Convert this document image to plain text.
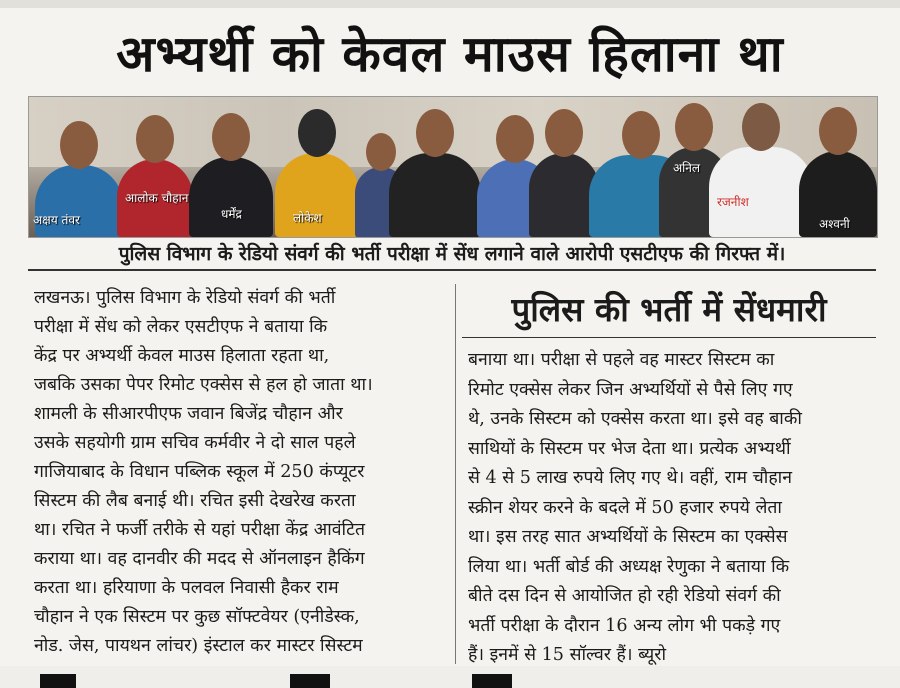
अभ्यर्थी को केवल माउस हिलाना था
अक्षय तंवर
आलोक चौहान
धर्मेंद्र	लोकेश
अनिल
रजनीश
अश्वनी
पुलिस विभाग के रेडियो संवर्ग की भर्ती परीक्षा में सेंध लगाने वाले आरोपी एसटीएफ की गिरफ्त में।

लखनऊ। पुलिस विभाग के रेडियो संवर्ग की भर्ती

परीक्षा में सेंध को लेकर एसटीएफ ने बताया कि

केंद्र पर अभ्यर्थी केवल माउस हिलाता रहता था,

जबकि उसका पेपर रिमोट एक्सेस से हल हो जाता था।

शामली के सीआरपीएफ जवान बिजेंद्र चौहान और

उसके सहयोगी ग्राम सचिव कर्मवीर ने दो साल पहले

गाजियाबाद के विधान पब्लिक स्कूल में 250 कंप्यूटर

सिस्टम की लैब बनाई थी। रचित इसी देखरेख करता

था। रचित ने फर्जी तरीके से यहां परीक्षा केंद्र आवंटित

कराया था। वह दानवीर की मदद से ऑनलाइन हैकिंग

करता था। हरियाणा के पलवल निवासी हैकर राम

चौहान ने एक सिस्टम पर कुछ सॉफ्टवेयर (एनीडेस्क,

नोड. जेस, पायथन लांचर) इंस्टाल कर मास्टर सिस्टम

पुलिस की भर्ती में सेंधमारी

बनाया था। परीक्षा से पहले वह मास्टर सिस्टम का

रिमोट एक्सेस लेकर जिन अभ्यर्थियों से पैसे लिए गए

थे, उनके सिस्टम को एक्सेस करता था। इसे वह बाकी

साथियों के सिस्टम पर भेज देता था। प्रत्येक अभ्यर्थी

से 4 से 5 लाख रुपये लिए गए थे। वहीं, राम चौहान

स्क्रीन शेयर करने के बदले में 50 हजार रुपये लेता

था। इस तरह सात अभ्यर्थियों के सिस्टम का एक्सेस

लिया था। भर्ती बोर्ड की अध्यक्ष रेणुका ने बताया कि

बीते दस दिन से आयोजित हो रही रेडियो संवर्ग की

भर्ती परीक्षा के दौरान 16 अन्य लोग भी पकड़े गए

हैं। इनमें से 15 सॉल्वर हैं। ब्यूरो
